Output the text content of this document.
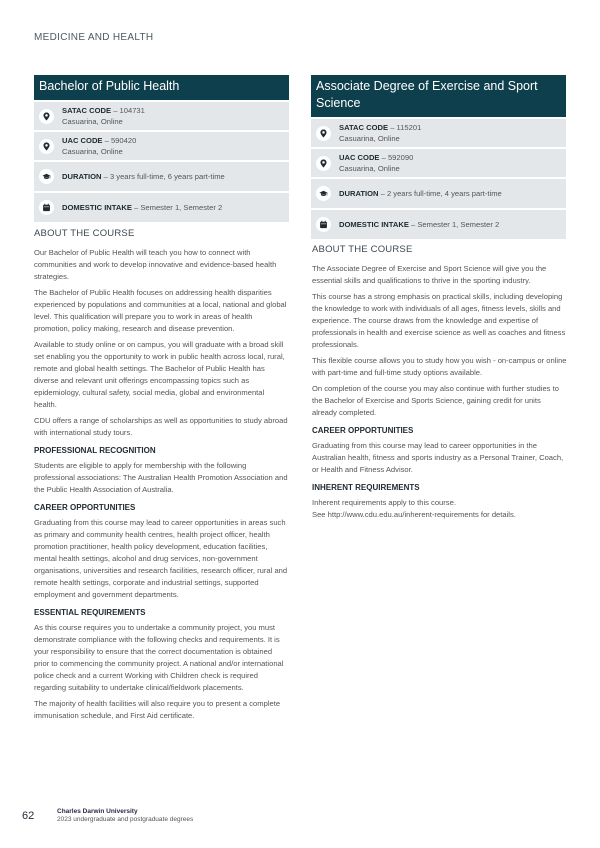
MEDICINE AND HEALTH
Bachelor of Public Health
SATAC CODE – 104731
Casuarina, Online
UAC CODE – 590420
Casuarina, Online
DURATION – 3 years full-time, 6 years part-time
DOMESTIC INTAKE – Semester 1, Semester 2
Associate Degree of Exercise and Sport Science
SATAC CODE – 115201
Casuarina, Online
UAC CODE – 592090
Casuarina, Online
DURATION – 2 years full-time, 4 years part-time
DOMESTIC INTAKE – Semester 1, Semester 2
ABOUT THE COURSE

Our Bachelor of Public Health will teach you how to connect with communities and work to develop innovative and evidence-based health strategies.

The Bachelor of Public Health focuses on addressing health disparities experienced by populations and communities at a local, national and global level. This qualification will prepare you to work in areas of health promotion, policy making, research and disease prevention.

Available to study online or on campus, you will graduate with a broad skill set enabling you the opportunity to work in public health across local, rural, remote and global health settings. The Bachelor of Public Health has diverse and relevant unit offerings encompassing topics such as epidemiology, cultural safety, social media, global and environmental health.

CDU offers a range of scholarships as well as opportunities to study abroad with international study tours.

PROFESSIONAL RECOGNITION

Students are eligible to apply for membership with the following professional associations: The Australian Health Promotion Association and the Public Health Association of Australia.

CAREER OPPORTUNITIES

Graduating from this course may lead to career opportunities in areas such as primary and community health centres, health project officer, health promotion practitioner, health policy development, education facilities, mental health settings, alcohol and drug services, non-government organisations, universities and research facilities, research officer, rural and remote health settings, corporate and industrial settings, supported employment and government departments.

ESSENTIAL REQUIREMENTS

As this course requires you to undertake a community project, you must demonstrate compliance with the following checks and requirements. It is your responsibility to ensure that the correct documentation is obtained prior to commencing the community project. A national and/or international police check and a current Working with Children check is required regarding suitability to undertake clinical/fieldwork placements.

The majority of health facilities will also require you to present a complete immunisation schedule, and First Aid certificate.

ABOUT THE COURSE

The Associate Degree of Exercise and Sport Science will give you the essential skills and qualifications to thrive in the sporting industry.

This course has a strong emphasis on practical skills, including developing the knowledge to work with individuals of all ages, fitness levels, skills and experience. The course draws from the knowledge and expertise of professionals in health and exercise science as well as coaches and fitness professionals.

This flexible course allows you to study how you wish - on-campus or online with part-time and full-time study options available.

On completion of the course you may also continue with further studies to the Bachelor of Exercise and Sports Science, gaining credit for units already completed.

CAREER OPPORTUNITIES

Graduating from this course may lead to career opportunities in the Australian health, fitness and sports industry as a Personal Trainer, Coach, or Health and Fitness Advisor.

INHERENT REQUIREMENTS

Inherent requirements apply to this course.

See http://www.cdu.edu.au/inherent-requirements for details.

62	Charles Darwin University
2023 undergraduate and postgraduate degrees
